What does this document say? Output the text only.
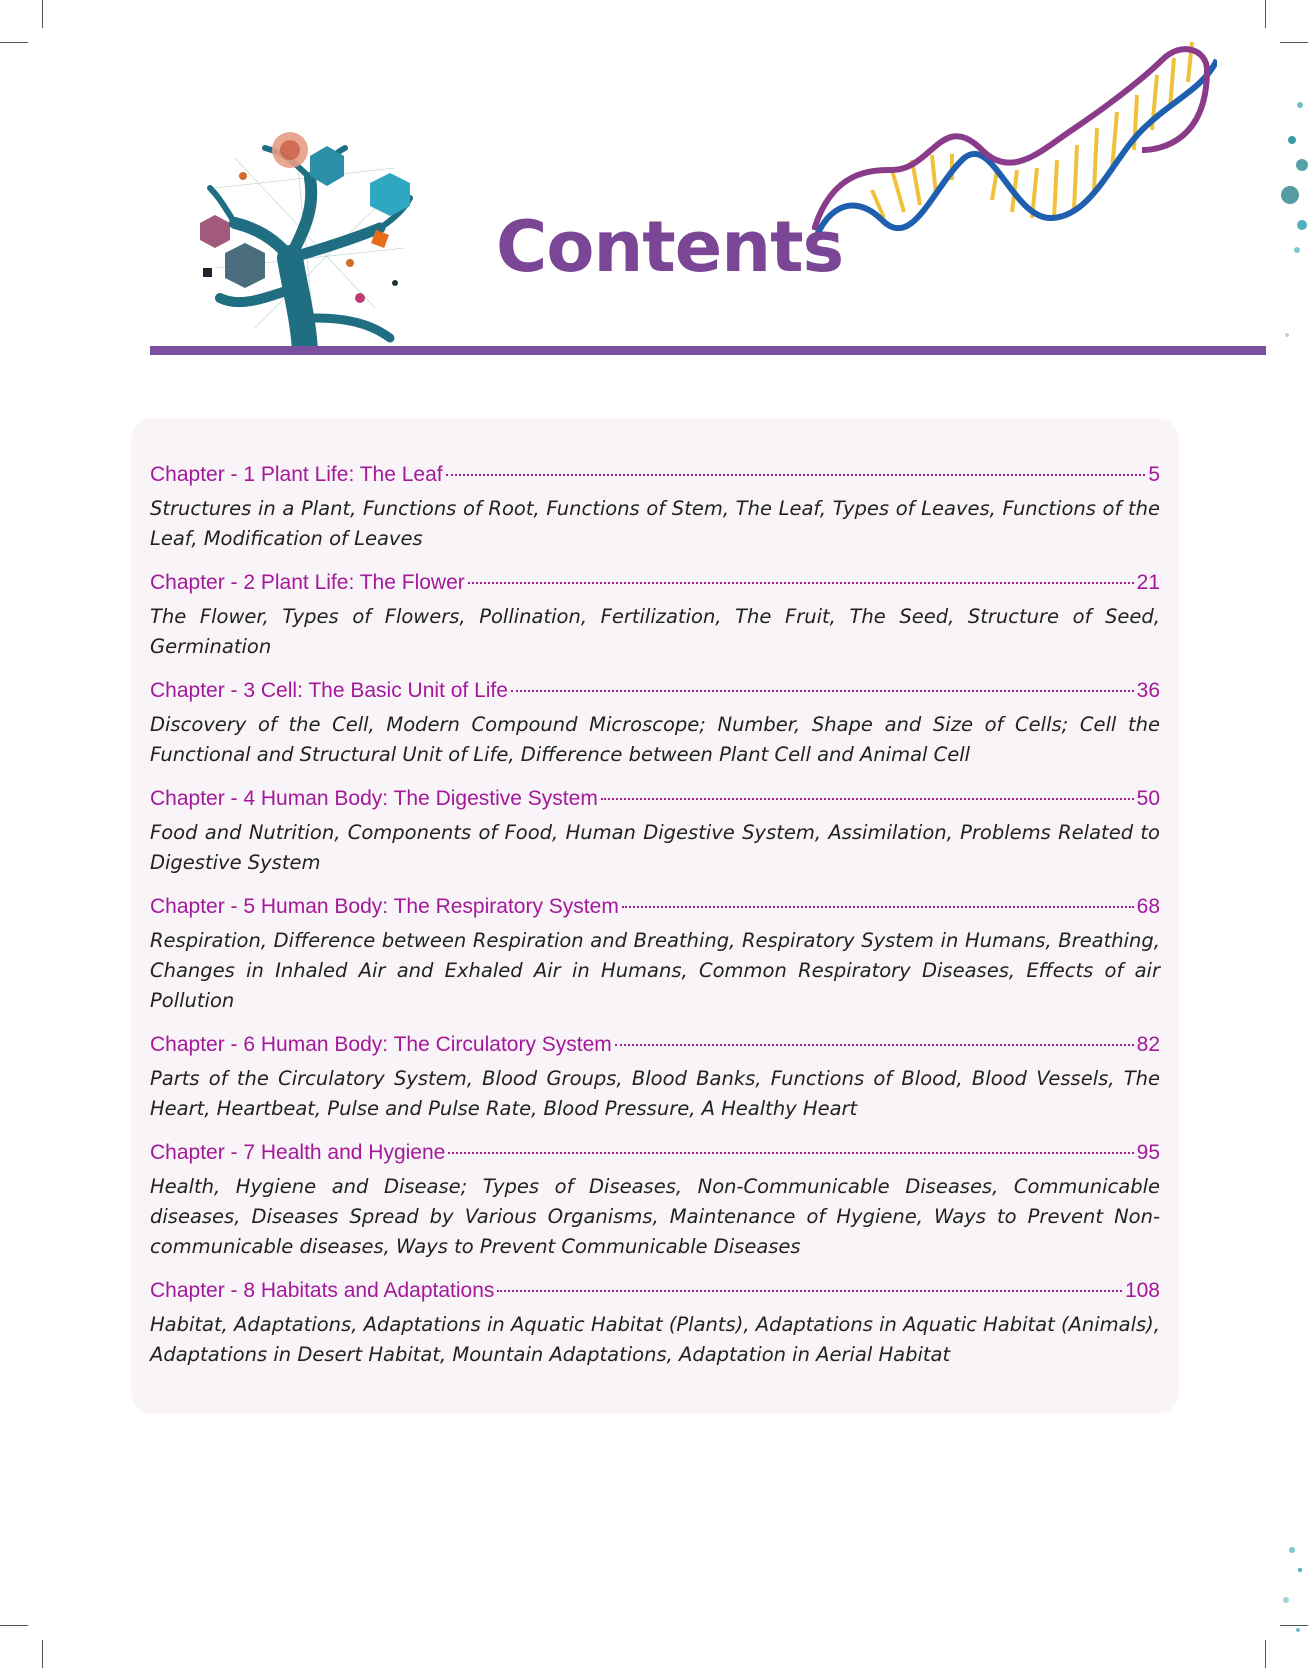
Contents
Chapter - 1 Plant Life: The Leaf	5
Structures in a Plant, Functions of Root, Functions of Stem, The Leaf, Types of Leaves, Functions of the Leaf, Modification of Leaves
Chapter - 2 Plant Life: The Flower	21
The Flower, Types of Flowers, Pollination, Fertilization, The Fruit, The Seed, Structure of Seed, Germination
Chapter - 3 Cell: The Basic Unit of Life	36
Discovery of the Cell, Modern Compound Microscope; Number, Shape and Size of Cells; Cell the Functional and Structural Unit of Life, Difference between Plant Cell and Animal Cell
Chapter - 4 Human Body: The Digestive System	50
Food and Nutrition, Components of Food, Human Digestive System, Assimilation, Problems Related to Digestive System
Chapter - 5 Human Body: The Respiratory System	68
Respiration, Difference between Respiration and Breathing, Respiratory System in Humans, Breathing, Changes in Inhaled Air and Exhaled Air in Humans, Common Respiratory Diseases, Effects of air Pollution
Chapter - 6 Human Body: The Circulatory System	82
Parts of the Circulatory System, Blood Groups, Blood Banks, Functions of Blood, Blood Vessels, The Heart, Heartbeat, Pulse and Pulse Rate, Blood Pressure, A Healthy Heart
Chapter - 7 Health and Hygiene	95
Health, Hygiene and Disease; Types of Diseases, Non-Communicable Diseases, Communicable diseases, Diseases Spread by Various Organisms, Maintenance of Hygiene, Ways to Prevent Non-communicable diseases, Ways to Prevent Communicable Diseases
Chapter - 8 Habitats and Adaptations	108
Habitat, Adaptations, Adaptations in Aquatic Habitat (Plants), Adaptations in Aquatic Habitat (Animals), Adaptations in Desert Habitat, Mountain Adaptations, Adaptation in Aerial Habitat
